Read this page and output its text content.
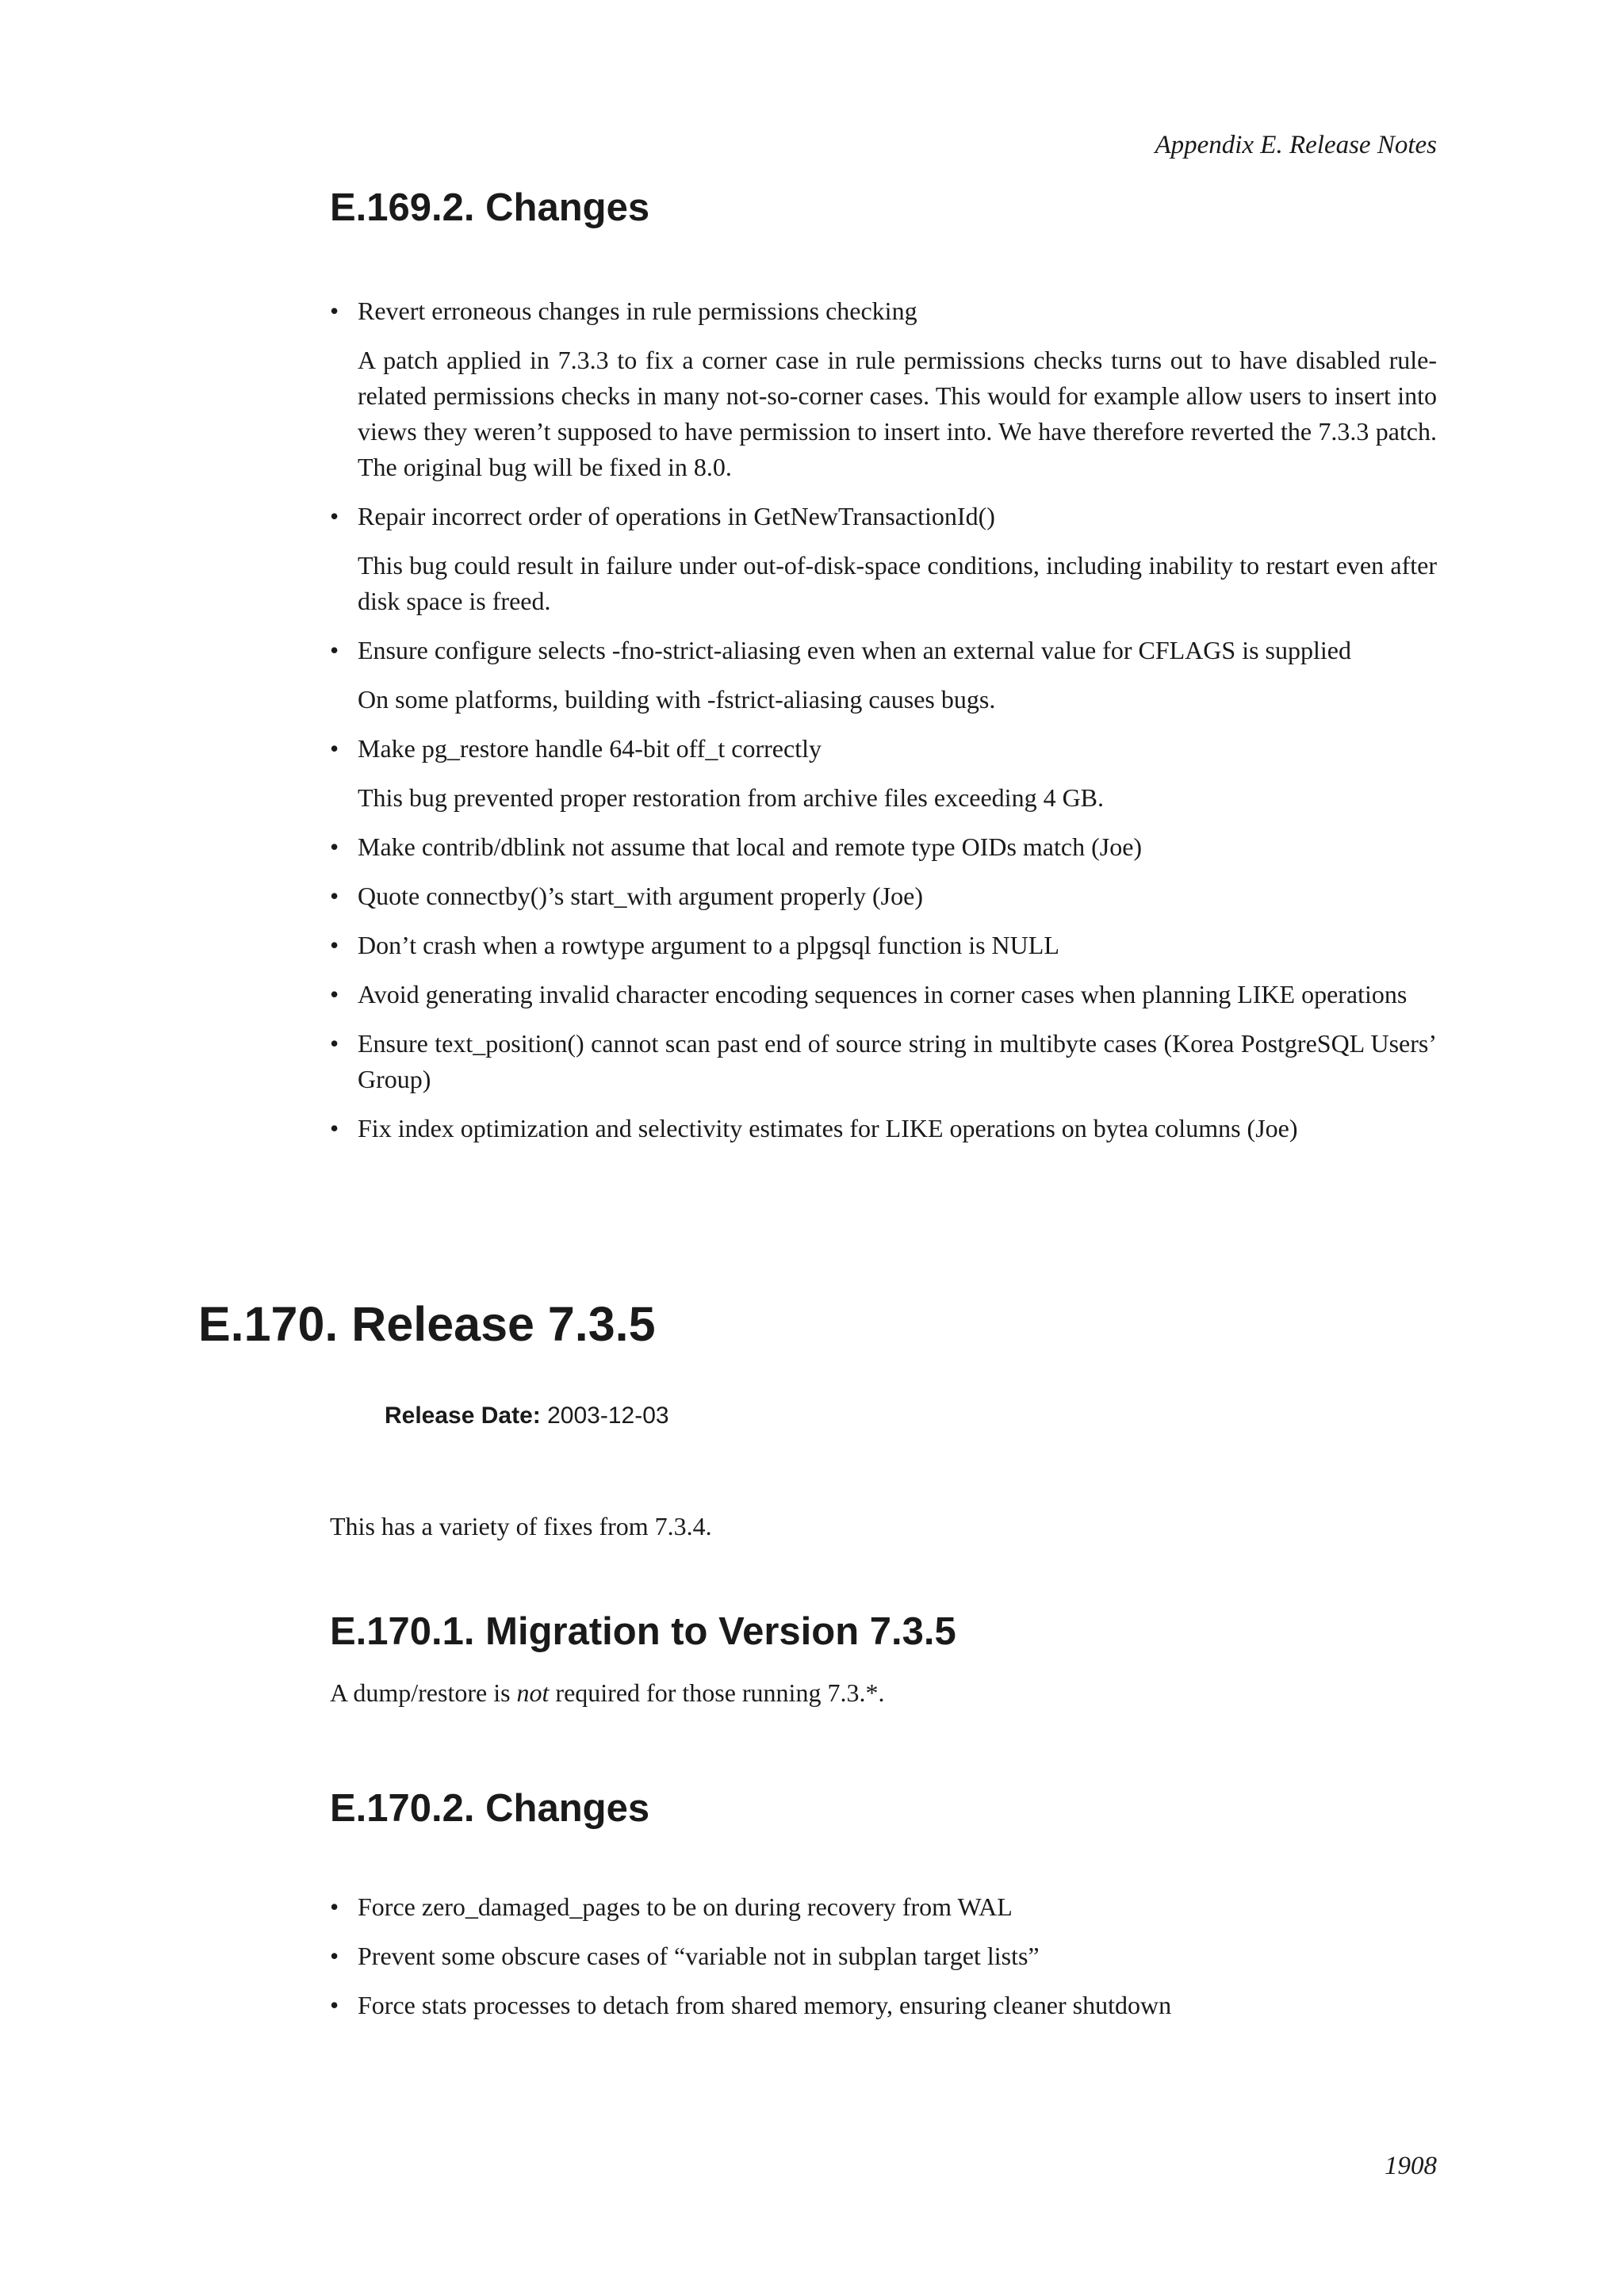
Appendix E. Release Notes
E.169.2. Changes
• Revert erroneous changes in rule permissions checking
A patch applied in 7.3.3 to fix a corner case in rule permissions checks turns out to have disabled rule-related permissions checks in many not-so-corner cases. This would for example allow users to insert into views they weren’t supposed to have permission to insert into. We have therefore reverted the 7.3.3 patch. The original bug will be fixed in 8.0.
• Repair incorrect order of operations in GetNewTransactionId()
This bug could result in failure under out-of-disk-space conditions, including inability to restart even after disk space is freed.
• Ensure configure selects -fno-strict-aliasing even when an external value for CFLAGS is supplied
On some platforms, building with -fstrict-aliasing causes bugs.
• Make pg_restore handle 64-bit off_t correctly
This bug prevented proper restoration from archive files exceeding 4 GB.
• Make contrib/dblink not assume that local and remote type OIDs match (Joe)
• Quote connectby()’s start_with argument properly (Joe)
• Don’t crash when a rowtype argument to a plpgsql function is NULL
• Avoid generating invalid character encoding sequences in corner cases when planning LIKE operations
• Ensure text_position() cannot scan past end of source string in multibyte cases (Korea PostgreSQL Users’ Group)
• Fix index optimization and selectivity estimates for LIKE operations on bytea columns (Joe)
E.170. Release 7.3.5
Release Date: 2003-12-03

This has a variety of fixes from 7.3.4.

E.170.1. Migration to Version 7.3.5

A dump/restore is not required for those running 7.3.*.

E.170.2. Changes
• Force zero_damaged_pages to be on during recovery from WAL
• Prevent some obscure cases of “variable not in subplan target lists”
• Force stats processes to detach from shared memory, ensuring cleaner shutdown
1908
